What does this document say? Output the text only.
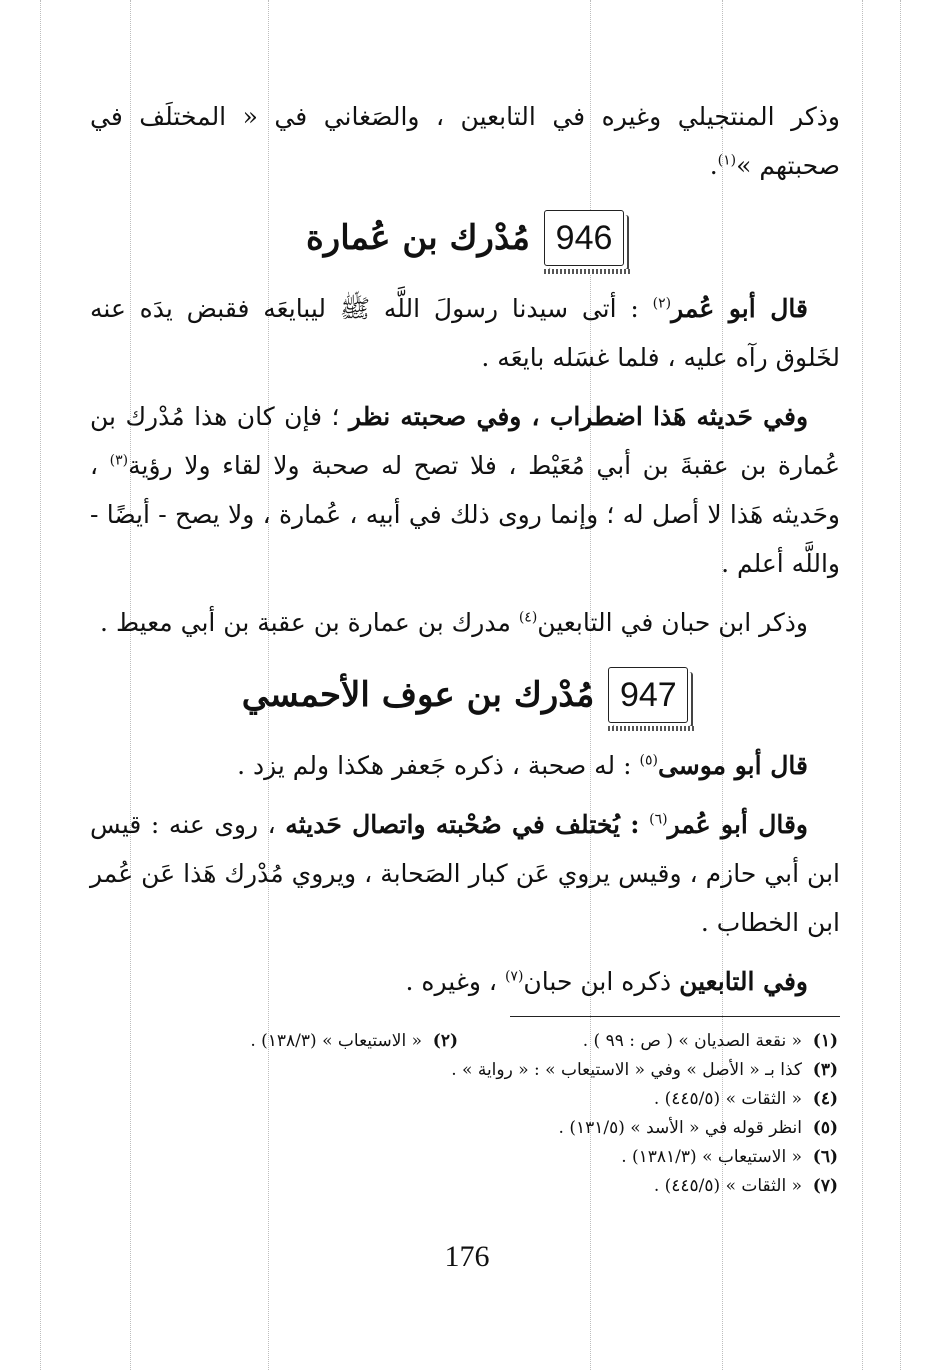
وذكر المنتجيلي وغيره في التابعين ، والصَغاني في « المختلَف في صحبتهم »$^{(١)}$.

946
مُدْرك بن عُمارة

قال أبو عُمر$^{(٢)}$ : أتى سيدنا رسولَ اللَّه ﷺ ليبايعَه فقبض يدَه عنه لخَلوق رآه عليه ، فلما غسَله بايعَه .

وفي حَديثه هَذا اضطراب ، وفي صحبته نظر ؛ فإن كان هذا مُدْرك بن عُمارة بن عقبةَ بن أبي مُعَيْط ، فلا تصح له صحبة ولا لقاء ولا رؤية$^{(٣)}$ ، وحَديثه هَذا لا أصل له ؛ وإنما روى ذلك في أبيه ، عُمارة ، ولا يصح - أيضًا - واللَّه أعلم .

وذكر ابن حبان في التابعين$^{(٤)}$ مدرك بن عمارة بن عقبة بن أبي معيط .

947
مُدْرك بن عوف الأحمسي

قال أبو موسى$^{(٥)}$ : له صحبة ، ذكره جَعفر هكذا ولم يزد .

وقال أبو عُمر$^{(٦)}$ : يُختلف في صُحْبته واتصال حَديثه ، روى عنه : قيس ابن أبي حازم ، وقيس يروي عَن كبار الصَحابة ، ويروي مُدْرك هَذا عَن عُمر ابن الخطاب .

وفي التابعين ذكره ابن حبان$^{(٧)}$ ، وغيره .

(١)
« نقعة الصديان » ( ص : ٩٩ ) .
(٢)
« الاستيعاب » (١٣٨/٣) .
(٣)
كذا بـ « الأصل » وفي « الاستيعاب » : « رواية » .
(٤)
« الثقات » (٤٤٥/٥) .
(٥)
انظر قوله في « الأسد » (١٣١/٥) .
(٦)
« الاستيعاب » (١٣٨١/٣) .
(٧)
« الثقات » (٤٤٥/٥) .
176
